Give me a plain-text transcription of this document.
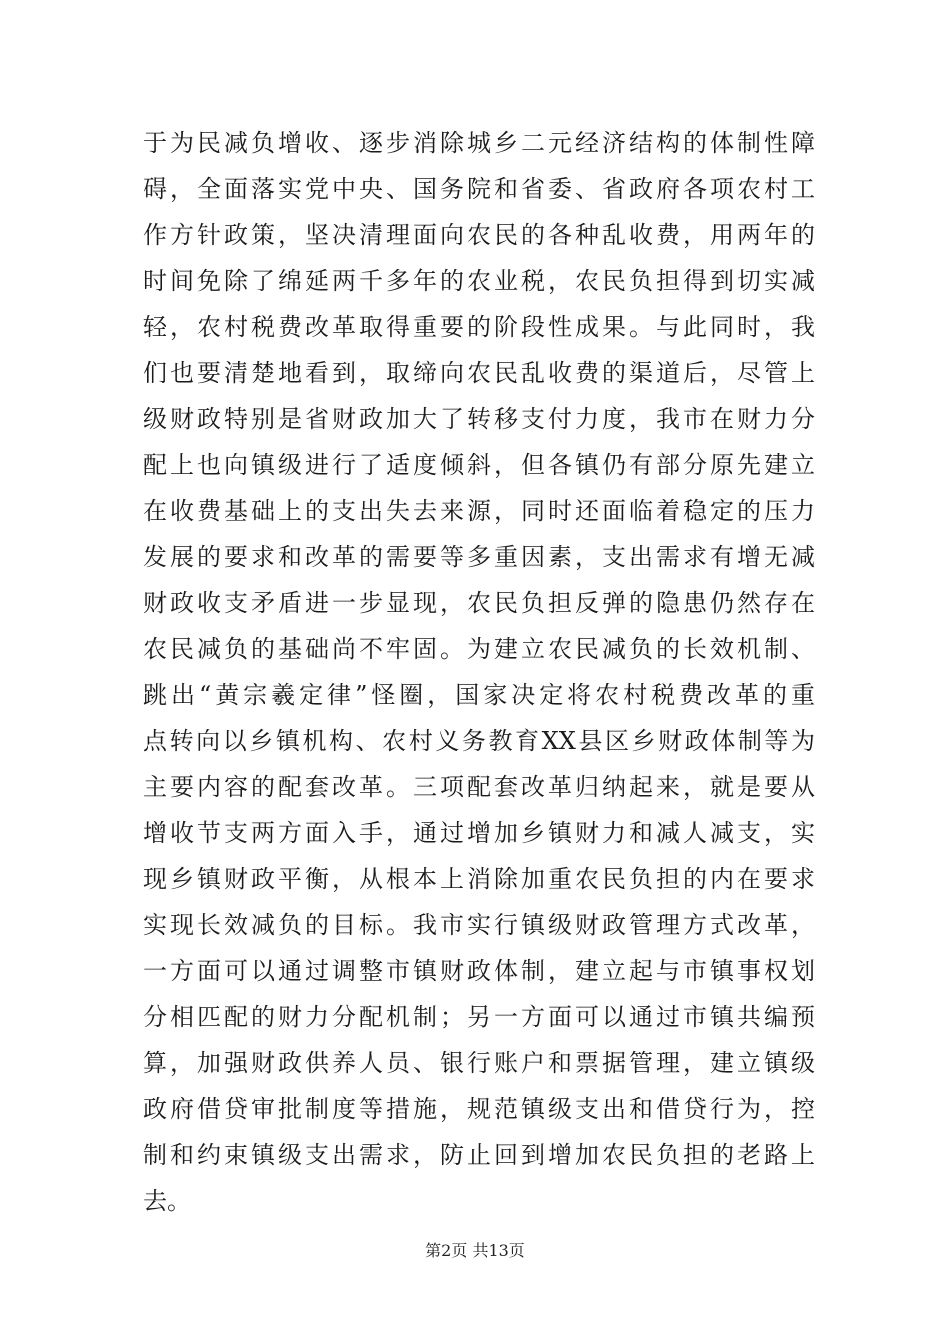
于为民减负增收、逐步消除城乡二元经济结构的体制性障
碍，全面落实党中央、国务院和省委、省政府各项农村工
作方针政策，坚决清理面向农民的各种乱收费，用两年的
时间免除了绵延两千多年的农业税，农民负担得到切实减
轻，农村税费改革取得重要的阶段性成果。与此同时，我
们也要清楚地看到，取缔向农民乱收费的渠道后，尽管上
级财政特别是省财政加大了转移支付力度，我市在财力分
配上也向镇级进行了适度倾斜，但各镇仍有部分原先建立
在收费基础上的支出失去来源，同时还面临着稳定的压力
发展的要求和改革的需要等多重因素，支出需求有增无减
财政收支矛盾进一步显现，农民负担反弹的隐患仍然存在
农民减负的基础尚不牢固。为建立农民减负的长效机制、
跳出“黄宗羲定律”怪圈，国家决定将农村税费改革的重
点转向以乡镇机构、农村义务教育XX县区乡财政体制等为
主要内容的配套改革。三项配套改革归纳起来，就是要从
增收节支两方面入手，通过增加乡镇财力和减人减支，实
现乡镇财政平衡，从根本上消除加重农民负担的内在要求
实现长效减负的目标。我市实行镇级财政管理方式改革，
一方面可以通过调整市镇财政体制，建立起与市镇事权划
分相匹配的财力分配机制；另一方面可以通过市镇共编预
算，加强财政供养人员、银行账户和票据管理，建立镇级
政府借贷审批制度等措施，规范镇级支出和借贷行为，控
制和约束镇级支出需求，防止回到增加农民负担的老路上
去。
第2页 共13页
